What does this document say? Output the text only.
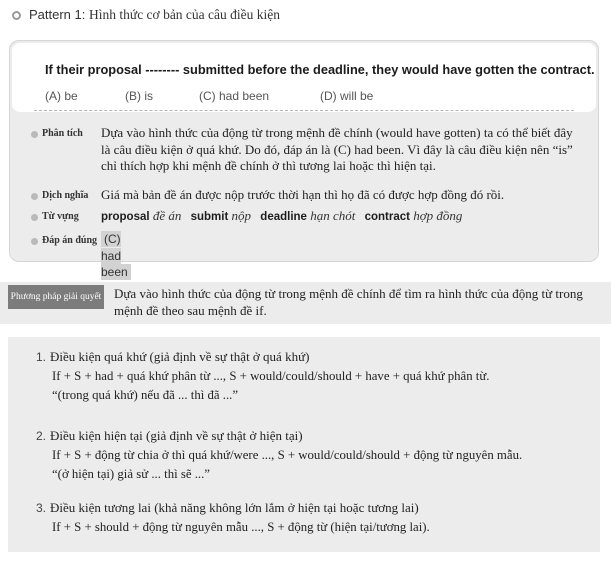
Pattern 1: Hình thức cơ bản của câu điều kiện
If their proposal -------- submitted before the deadline, they would have gotten the contract.
(A) be	(B) is	(C) had been	(D) will be
Phân tích Dựa vào hình thức của động từ trong mệnh đề chính (would have gotten) ta có thể biết đây
là câu điều kiện ở quá khứ. Do đó, đáp án là (C) had been. Vì đây là câu điều kiện nên “is”
chỉ thích hợp khi mệnh đề chính ở thì tương lai hoặc thì hiện tại.
Dịch nghĩa Giá mà bản đề án được nộp trước thời hạn thì họ đã có được hợp đồng đó rồi.
Từ vựng proposal đề án submit nộp deadline hạn chót contract hợp đồng
Đáp án đúng (C) had been
Phương pháp giải quyết Dựa vào hình thức của động từ trong mệnh đề chính để tìm ra hình thức của động từ trong
mệnh đề theo sau mệnh đề if.
1. Điều kiện quá khứ (giả định về sự thật ở quá khứ)
If + S + had + quá khứ phân từ ..., S + would/could/should + have + quá khứ phân từ.
“(trong quá khứ) nếu đã ... thì đã ...”
2. Điều kiện hiện tại (giả định về sự thật ở hiện tại)
If + S + động từ chia ở thì quá khứ/were ..., S + would/could/should + động từ nguyên mẫu.
“(ở hiện tại) giả sử ... thì sẽ ...”
3. Điều kiện tương lai (khả năng không lớn lắm ở hiện tại hoặc tương lai)
If + S + should + động từ nguyên mẫu ..., S + động từ (hiện tại/tương lai).
